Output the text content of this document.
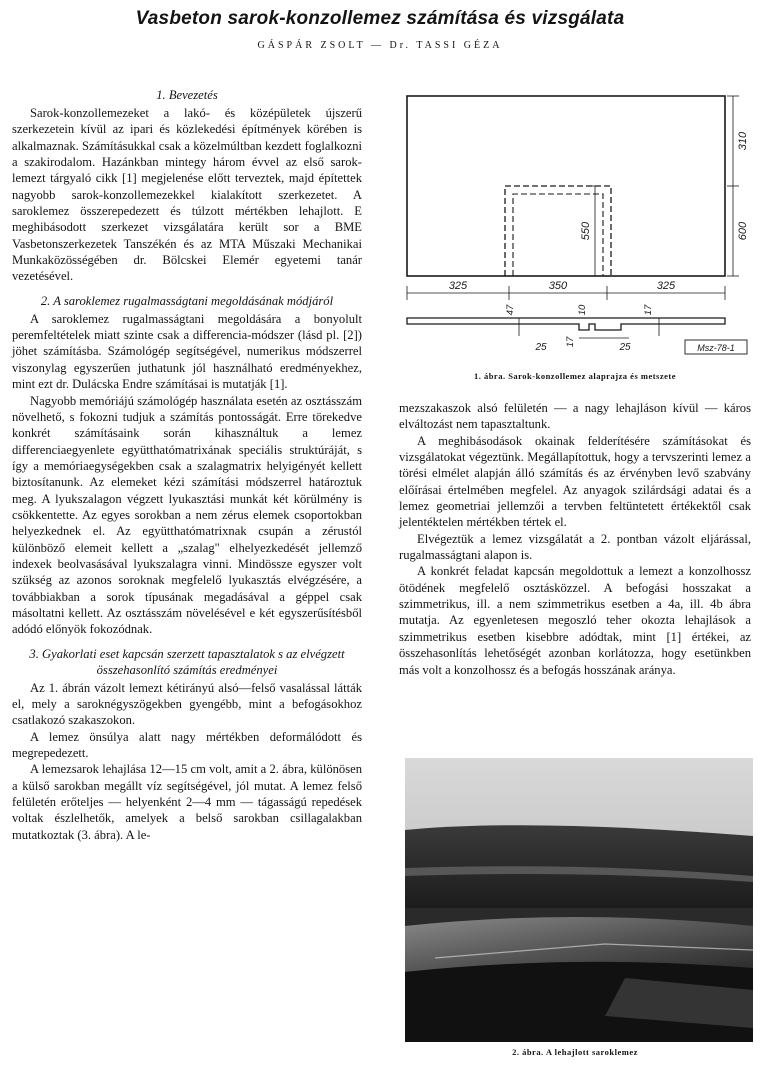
Vasbeton sarok-konzollemez számítása és vizsgálata
GÁSPÁR ZSOLT — Dr. TASSI GÉZA
1. Bevezetés

Sarok-konzollemezeket a lakó- és középületek újszerű szerkezetein kívül az ipari és közlekedési építmények körében is alkalmaznak. Számításukkal csak a közelmúltban kezdett foglalkozni a szakirodalom. Hazánkban mintegy három évvel az első sarok-lemezt tárgyaló cikk [1] megjelenése előtt terveztek, majd építettek nagyobb sarok-konzollemezekkel kialakított szerkezetet. A saroklemez összerepedezett és túlzott mértékben lehajlott. E meghibásodott szerkezet vizsgálatára került sor a BME Vasbetonszerkezetek Tanszékén és az MTA Műszaki Mechanikai Munkaközösségében dr. Bölcskei Elemér egyetemi tanár vezetésével.

2. A saroklemez rugalmasságtani megoldásának módjáról

A saroklemez rugalmasságtani megoldására a bonyolult peremfeltételek miatt szinte csak a differencia-módszer (lásd pl. [2]) jöhet számításba. Számológép segítségével, numerikus módszerrel viszonylag egyszerűen juthatunk jól használható eredményekhez, mint ezt dr. Dulácska Endre számításai is mutatják [1].

Nagyobb memóriájú számológép használata esetén az osztásszám növelhető, s fokozni tudjuk a számítás pontosságát. Erre törekedve konkrét számításaink során kihasználtuk a lemez differenciaegyenlete együtthatómatrixának speciális struktúráját, s így a memóriaegységekben csak a szalagmatrix helyigényét kellett biztosítanunk. Az elemeket kézi számítási módszerrel határoztuk meg. A lyukszalagon végzett lyukasztási munkát két körülmény is csökkentette. Az egyes sorokban a nem zérus elemek csoportokban helyezkednek el. Az együtthatómatrixnak csupán a zérustól különböző elemeit kellett a „szalag" elhelyezkedését jellemző indexek beolvasásával lyukszalagra vinni. Mindössze egyszer volt szükség az azonos soroknak megfelelő lyukasztás elvégzésére, a továbbiakban a sorok típusának megadásával a géppel csak másoltatni kellett. Az osztásszám növelésével e két egyszerűsítésből adódó előnyök fokozódnak.

3. Gyakorlati eset kapcsán szerzett tapasztalatok s az elvégzett összehasonlító számítás eredményei

Az 1. ábrán vázolt lemezt kétirányú alsó—felső vasalással látták el, mely a saroknégyszögekben gyengébb, mint a befogásokhoz csatlakozó szakaszokon.

A lemez önsúlya alatt nagy mértékben deformálódott és megrepedezett.

A lemezsarok lehajlása 12—15 cm volt, amit a 2. ábra, különösen a külső sarokban megállt víz segítségével, jól mutat. A lemez felső felületén erőteljes — helyenként 2—4 mm — tágasságú repedések voltak észlelhetők, amelyek a belső sarokban csillagalakban mutatkoztak (3. ábra). A le-

310
600
550
325	350	325
47	10	17
17
25	25	Msz-78-1
1. ábra. Sarok-konzollemez alaprajza és metszete

mezszakaszok alsó felületén — a nagy lehajláson kívül — káros elváltozást nem tapasztaltunk.

A meghibásodások okainak felderítésére számításokat és vizsgálatokat végeztünk. Megállapítottuk, hogy a tervszerinti lemez a törési elmélet alapján álló számítás és az érvényben levő szabvány előírásai értelmében megfelel. Az anyagok szilárdsági adatai és a lemez geometriai jellemzői a tervben feltüntetett értékektől csak jelentéktelen mértékben tértek el.

Elvégeztük a lemez vizsgálatát a 2. pontban vázolt eljárással, rugalmasságtani alapon is.

A konkrét feladat kapcsán megoldottuk a lemezt a konzolhossz ötödének megfelelő osztásközzel. A befogási hosszakat a szimmetrikus, ill. a nem szimmetrikus esetben a 4a, ill. 4b ábra mutatja. Az egyenletesen megoszló teher okozta lehajlások a szimmetrikus esetben kisebbre adódtak, mint [1] értékei, az összehasonlítás lehetőségét azonban korlátozza, hogy esetünkben más volt a konzolhossz és a befogás hosszának aránya.

2. ábra. A lehajlott saroklemez
